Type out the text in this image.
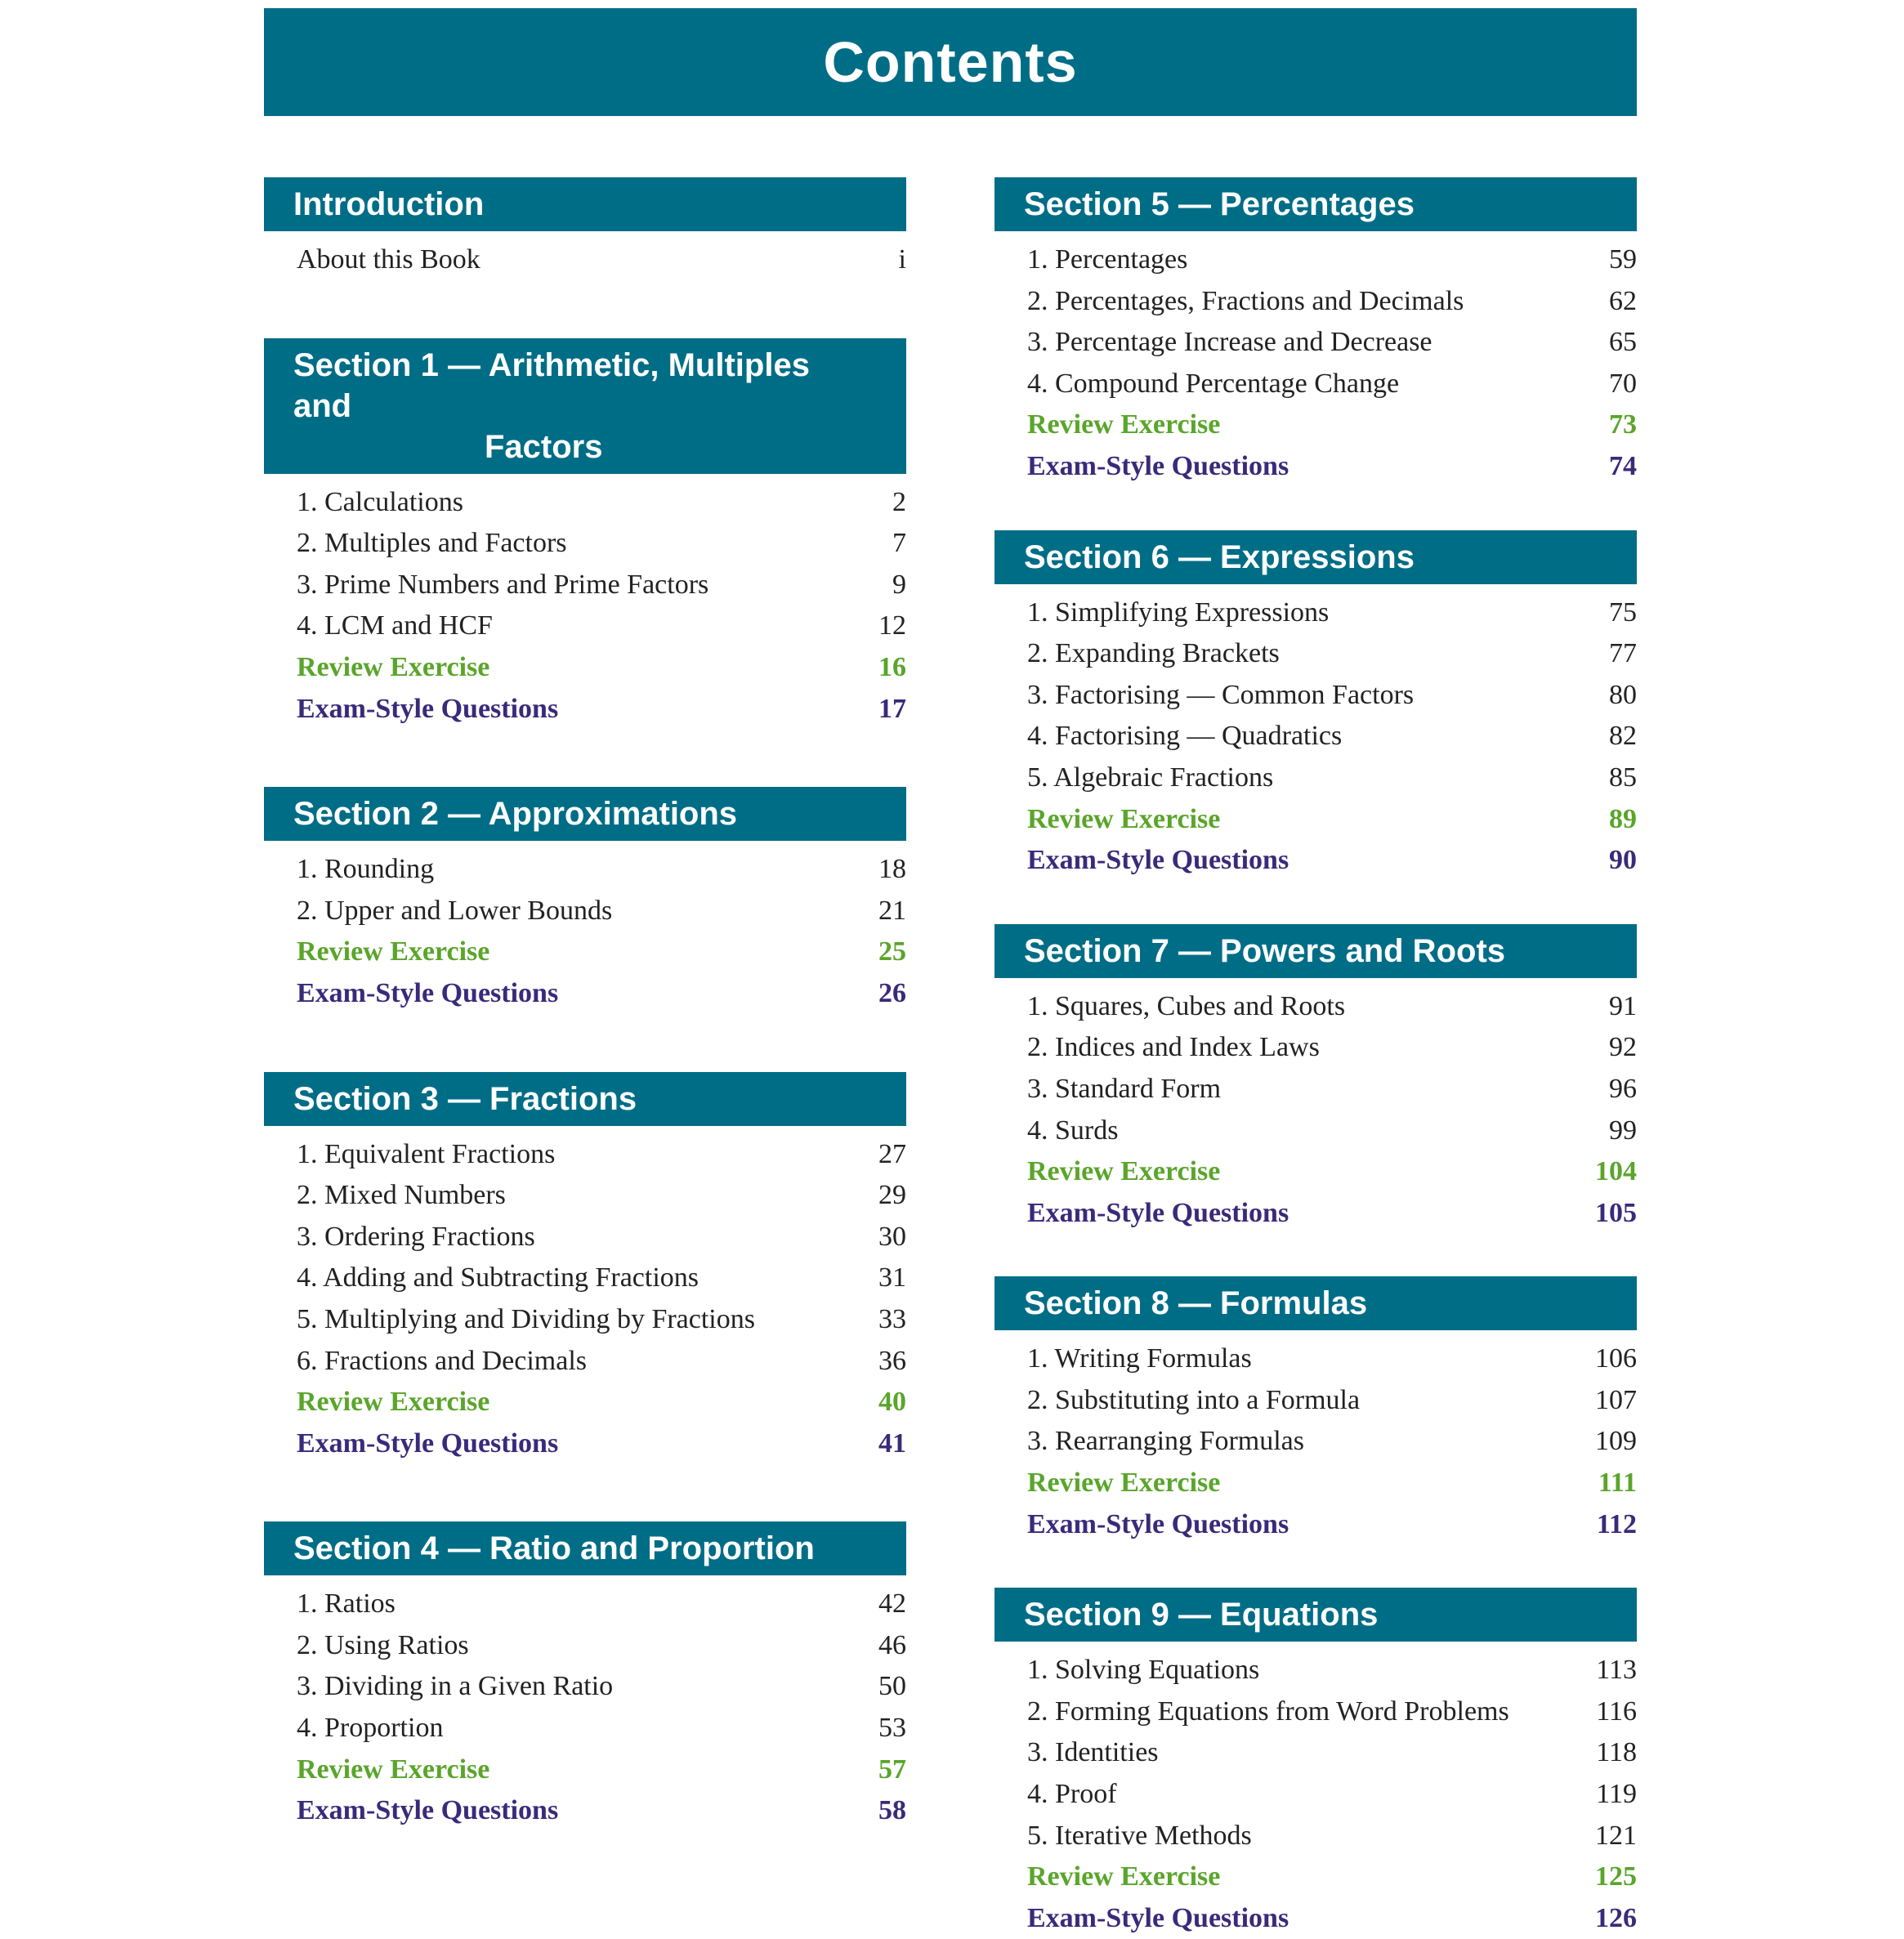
Contents
Introduction
About this Book	i
Section 1 — Arithmetic, Multiples and
Factors
1. Calculations	2
2. Multiples and Factors	7
3. Prime Numbers and Prime Factors	9
4. LCM and HCF	12
Review Exercise	16
Exam-Style Questions	17
Section 2 — Approximations
1. Rounding	18
2. Upper and Lower Bounds	21
Review Exercise	25
Exam-Style Questions	26
Section 3 — Fractions
1. Equivalent Fractions	27
2. Mixed Numbers	29
3. Ordering Fractions	30
4. Adding and Subtracting Fractions	31
5. Multiplying and Dividing by Fractions	33
6. Fractions and Decimals	36
Review Exercise	40
Exam-Style Questions	41
Section 4 — Ratio and Proportion
1. Ratios	42
2. Using Ratios	46
3. Dividing in a Given Ratio	50
4. Proportion	53
Review Exercise	57
Exam-Style Questions	58
Section 5 — Percentages
1. Percentages	59
2. Percentages, Fractions and Decimals	62
3. Percentage Increase and Decrease	65
4. Compound Percentage Change	70
Review Exercise	73
Exam-Style Questions	74
Section 6 — Expressions
1. Simplifying Expressions	75
2. Expanding Brackets	77
3. Factorising — Common Factors	80
4. Factorising — Quadratics	82
5. Algebraic Fractions	85
Review Exercise	89
Exam-Style Questions	90
Section 7 — Powers and Roots
1. Squares, Cubes and Roots	91
2. Indices and Index Laws	92
3. Standard Form	96
4. Surds	99
Review Exercise	104
Exam-Style Questions	105
Section 8 — Formulas
1. Writing Formulas	106
2. Substituting into a Formula	107
3. Rearranging Formulas	109
Review Exercise	111
Exam-Style Questions	112
Section 9 — Equations
1. Solving Equations	113
2. Forming Equations from Word Problems	116
3. Identities	118
4. Proof	119
5. Iterative Methods	121
Review Exercise	125
Exam-Style Questions	126
